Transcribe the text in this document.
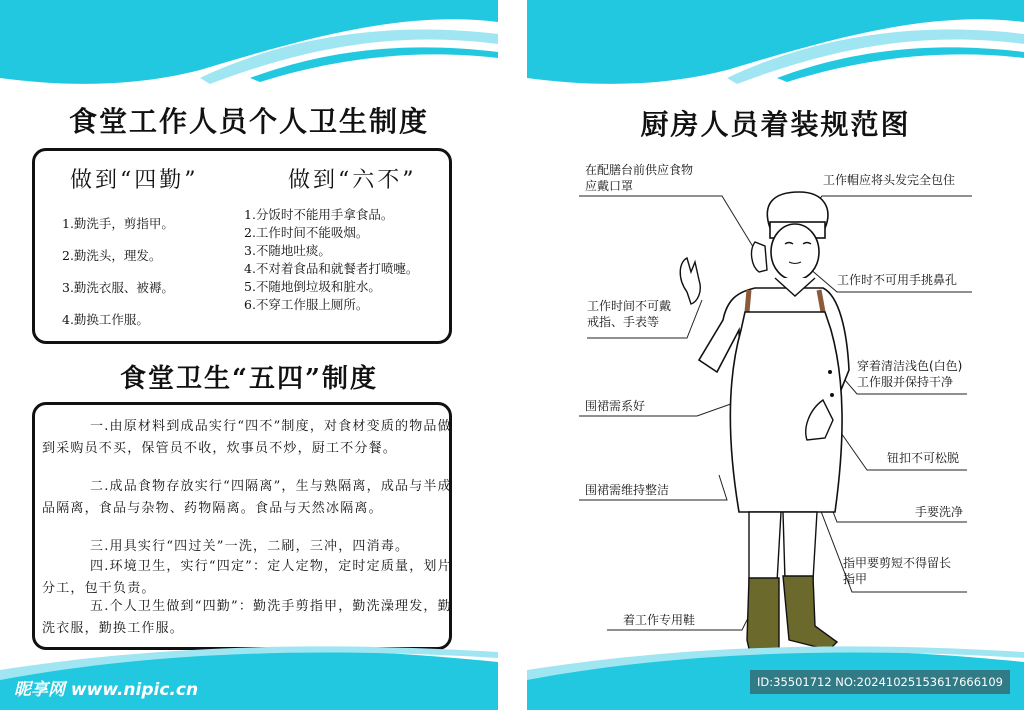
食堂工作人员个人卫生制度
做到“四勤”	做到“六不”
1.勤洗手，剪指甲。
2.勤洗头，理发。
3.勤洗衣服、被褥。
4.勤换工作服。
1.分饭时不能用手拿食品。
2.工作时间不能吸烟。
3.不随地吐痰。
4.不对着食品和就餐者打喷嚏。
5.不随地倒垃圾和脏水。
6.不穿工作服上厕所。
食堂卫生“五四”制度

一.由原材料到成品实行“四不”制度，对食材变质的物品做到采购员不买，保管员不收，炊事员不炒，厨工不分餐。

二.成品食物存放实行“四隔离”，生与熟隔离，成品与半成品隔离，食品与杂物、药物隔离。食品与天然冰隔离。

三.用具实行“四过关”一洗，二刷，三冲，四消毒。

四.环境卫生，实行“四定”：定人定物，定时定质量，划片分工，包干负责。

五.个人卫生做到“四勤”：勤洗手剪指甲，勤洗澡理发，勤洗衣服，勤换工作服。

昵享网 www.nipic.cn
厨房人员着装规范图
在配膳台前供应食物
应戴口罩	工作帽应将头发完全包住
工作时间不可戴
戒指、手表等
工作时不可用手挑鼻孔
穿着清洁浅色(白色)
工作服并保持干净
围裙需系好
钮扣不可松脱
围裙需维持整洁
手要洗净
指甲要剪短不得留长
指甲
着工作专用鞋
ID:35501712 NO:20241025153617666109
